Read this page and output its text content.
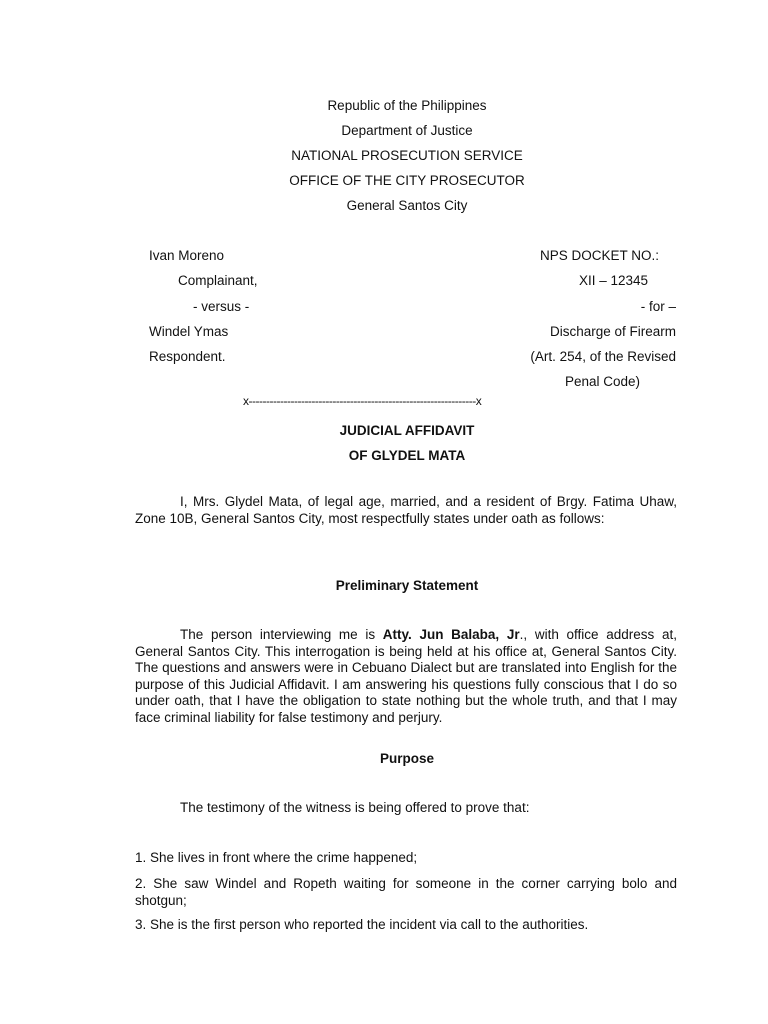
Republic of the Philippines
Department of Justice
NATIONAL PROSECUTION SERVICE
OFFICE OF THE CITY PROSECUTOR
General Santos City
Ivan Moreno
Complainant,
- versus -
Windel Ymas
Respondent.
NPS DOCKET NO.:
XII – 12345
- for –
Discharge of Firearm
(Art. 254, of the Revised
Penal Code)
x-----------------------------------------------------------------x
JUDICIAL AFFIDAVIT
OF GLYDEL MATA
I, Mrs. Glydel Mata, of legal age, married, and a resident of Brgy. Fatima Uhaw, Zone 10B, General Santos City, most respectfully states under oath as follows:
Preliminary Statement
The person interviewing me is Atty. Jun Balaba, Jr., with office address at, General Santos City. This interrogation is being held at his office at, General Santos City. The questions and answers were in Cebuano Dialect but are translated into English for the purpose of this Judicial Affidavit. I am answering his questions fully conscious that I do so under oath, that I have the obligation to state nothing but the whole truth, and that I may face criminal liability for false testimony and perjury.
Purpose
The testimony of the witness is being offered to prove that:
1. She lives in front where the crime happened;
2. She saw Windel and Ropeth waiting for someone in the corner carrying bolo and shotgun;
3. She is the first person who reported the incident via call to the authorities.
